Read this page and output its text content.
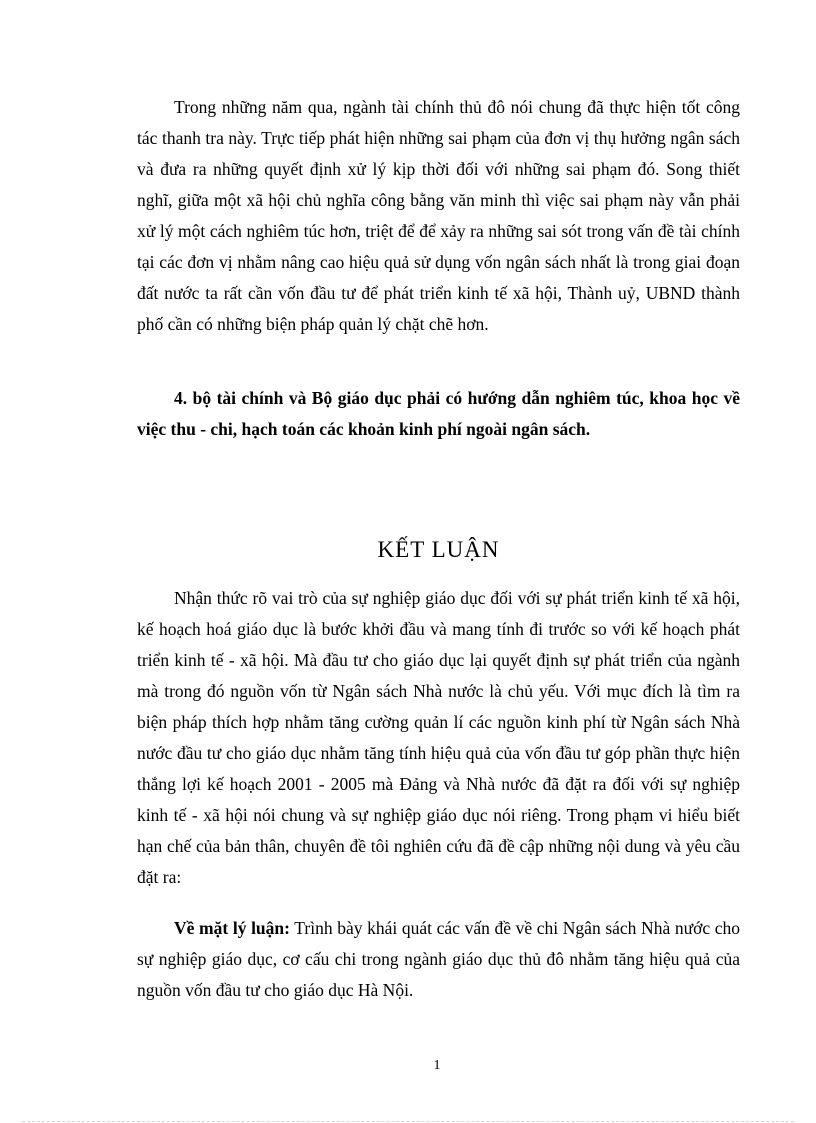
Trong những năm qua, ngành tài chính thủ đô nói chung đã thực hiện tốt công tác thanh tra này. Trực tiếp phát hiện những sai phạm của đơn vị thụ hưởng ngân sách và đưa ra những quyết định xử lý kịp thời đối với những sai phạm đó. Song thiết nghĩ, giữa một xã hội chủ nghĩa công bằng văn minh thì việc sai phạm này vẫn phải xử lý một cách nghiêm túc hơn, triệt để để xảy ra những sai sót trong vấn đề tài chính tại các đơn vị nhằm nâng cao hiệu quả sử dụng vốn ngân sách nhất là trong giai đoạn đất nước ta rất cần vốn đầu tư để phát triển kinh tế xã hội, Thành uỷ, UBND thành phố cần có những biện pháp quản lý chặt chẽ hơn.

4. bộ tài chính và Bộ giáo dục phải có hướng dẫn nghiêm túc, khoa học về việc thu - chi, hạch toán các khoản kinh phí ngoài ngân sách.

KẾT LUẬN

Nhận thức rõ vai trò của sự nghiệp giáo dục đối với sự phát triển kinh tế xã hội, kế hoạch hoá giáo dục là bước khởi đầu và mang tính đi trước so với kế hoạch phát triển kinh tế - xã hội. Mà đầu tư cho giáo dục lại quyết định sự phát triển của ngành mà trong đó nguồn vốn từ Ngân sách Nhà nước là chủ yếu. Với mục đích là tìm ra biện pháp thích hợp nhằm tăng cường quản lí các nguồn kinh phí từ Ngân sách Nhà nước đầu tư cho giáo dục nhằm tăng tính hiệu quả của vốn đầu tư góp phần thực hiện thắng lợi kế hoạch 2001 - 2005 mà Đảng và Nhà nước đã đặt ra đối với sự nghiệp kinh tế - xã hội nói chung và sự nghiệp giáo dục nói riêng. Trong phạm vi hiểu biết hạn chế của bản thân, chuyên đề tôi nghiên cứu đã đề cập những nội dung và yêu cầu đặt ra:

Về mặt lý luận: Trình bày khái quát các vấn đề về chi Ngân sách Nhà nước cho sự nghiệp giáo dục, cơ cấu chi trong ngành giáo dục thủ đô nhằm tăng hiệu quả của nguồn vốn đầu tư cho giáo dục Hà Nội.

1
